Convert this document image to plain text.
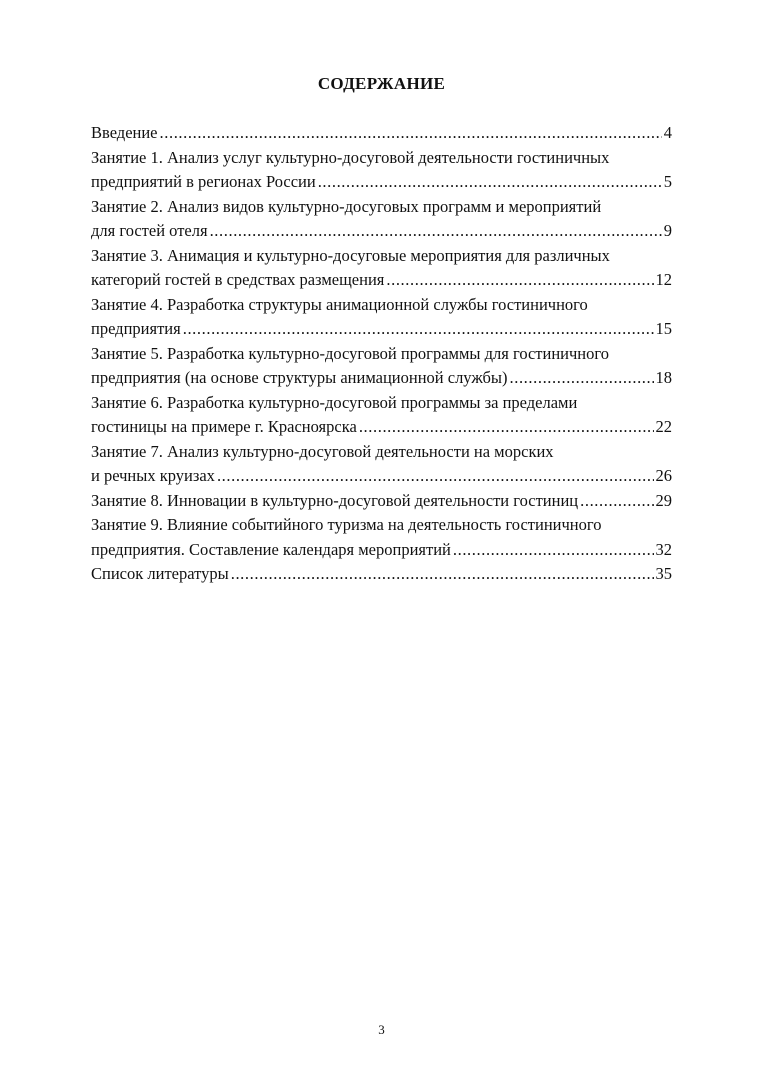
СОДЕРЖАНИЕ
Введение .....	4
Занятие 1. Анализ услуг культурно-досуговой деятельности гостиничных
предприятий в регионах России .....	5
Занятие 2. Анализ видов культурно-досуговых программ и мероприятий
для гостей отеля .....	9
Занятие 3. Анимация и культурно-досуговые мероприятия для различных
категорий гостей в средствах размещения .....	12
Занятие 4. Разработка структуры анимационной службы гостиничного
предприятия .....	15
Занятие 5. Разработка культурно-досуговой программы для гостиничного
предприятия (на основе структуры анимационной службы) .....	18
Занятие 6. Разработка культурно-досуговой программы за пределами
гостиницы на примере г. Красноярска .....	22
Занятие 7. Анализ культурно-досуговой деятельности на морских
и речных круизах .....	26
Занятие 8. Инновации в культурно-досуговой деятельности гостиниц .....	29
Занятие 9. Влияние событийного туризма на деятельность гостиничного
предприятия. Составление календаря мероприятий .....	32
Список литературы .....	35
3
